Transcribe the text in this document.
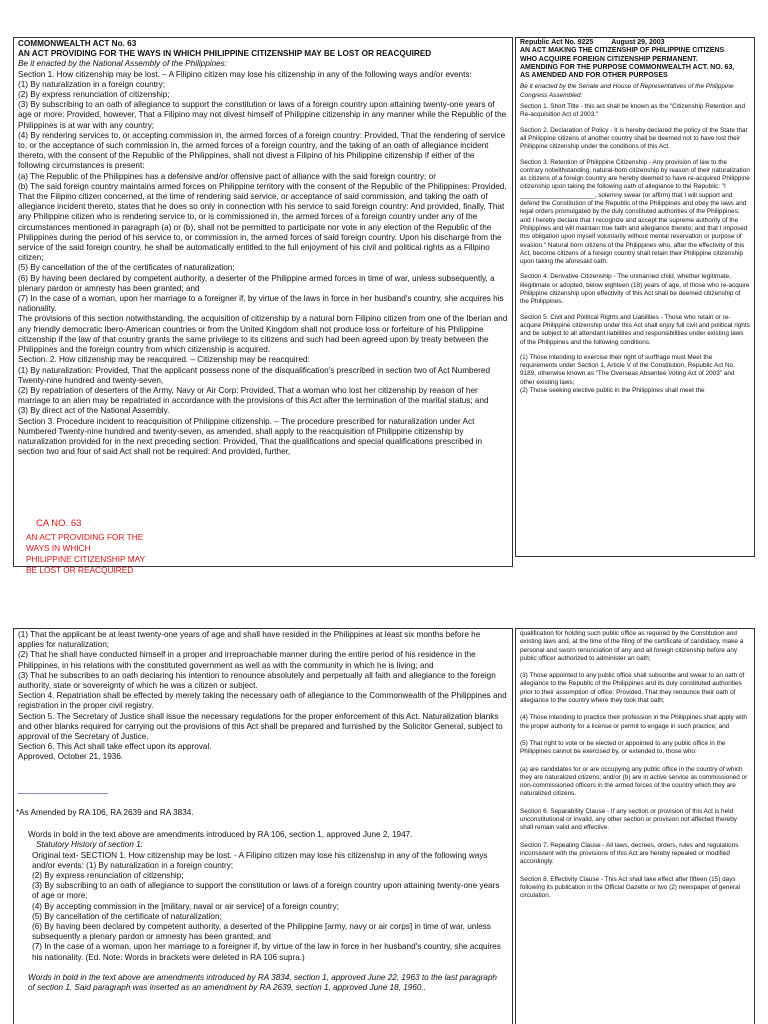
COMMONWEALTH ACT No. 63

AN ACT PROVIDING FOR THE WAYS IN WHICH PHILIPPINE CITIZENSHIP MAY BE LOST OR REACQUIRED

Be it enacted by the National Assembly of the Philippines:

Section 1. How citizenship may be lost. – A Filipino citizen may lose his citizenship in any of the following ways and/or events:

(1) By naturalization in a foreign country;

(2) By express renunciation of citizenship;

(3) By subscribing to an oath of allegiance to support the constitution or laws of a foreign country upon attaining twenty-one years of age or more: Provided, however, That a Filipino may not divest himself of Philippine citizenship in any manner while the Republic of the Philippines is at war with any country;

(4) By rendering services to, or accepting commission in, the armed forces of a foreign country: Provided, That the rendering of service to, or the acceptance of such commission in, the armed forces of a foreign country, and the taking of an oath of allegiance incident thereto, with the consent of the Republic of the Philippines, shall not divest a Filipino of his Philippine citizenship if either of the following circumstances is present:

(a) The Republic of the Philippines has a defensive and/or offensive pact of alliance with the said foreign country; or

(b) The said foreign country maintains armed forces on Philippine territory with the consent of the Republic of the Philippines: Provided, That the Filipino citizen concerned, at the time of rendering said service, or acceptance of said commission, and taking the oath of allegiance incident thereto, states that he does so only in connection with his service to said foreign country: And provided, finally, That any Philippine citizen who is rendering service to, or is commissioned in, the armed forces of a foreign country under any of the circumstances mentioned in paragraph (a) or (b), shall not be permitted to participate nor vote in any election of the Republic of the Philippines during the period of his service to, or commission in, the armed forces of said foreign country. Upon his discharge from the service of the said foreign country, he shall be automatically entitled to the full enjoyment of his civil and political rights as a Filipino citizen;

(5) By cancellation of the of the certificates of naturalization;

(6) By having been declared by competent authority, a deserter of the Philippine armed forces in time of war, unless subsequently, a plenary pardon or amnesty has been granted; and

(7) In the case of a woman, upon her marriage to a foreigner if, by virtue of the laws in force in her husband's country, she acquires his nationality.

The provisions of this section notwithstanding, the acquisition of citizenship by a natural born Filipino citizen from one of the Iberian and any friendly democratic Ibero-American countries or from the United Kingdom shall not produce loss or forfeiture of his Philippine citizenship if the law of that country grants the same privilege to its citizens and such had been agreed upon by treaty between the Philippines and the foreign country from which citizenship is acquired.

Section. 2. How citizenship may be reacquired. – Citizenship may be reacquired:

(1) By naturalization: Provided, That the applicant possess none of the disqualification's prescribed in section two of Act Numbered Twenty-nine hundred and twenty-seven,

(2) By repatriation of deserters of the Army, Navy or Air Corp: Provided, That a woman who lost her citizenship by reason of her marriage to an alien may be repatriated in accordance with the provisions of this Act after the termination of the marital status; and

(3) By direct act of the National Assembly.

Section 3. Procedure incident to reacquisition of Philippine citizenship. – The procedure prescribed for naturalization under Act Numbered Twenty-nine hundred and twenty-seven, as amended, shall apply to the reacquisition of Philippine citizenship by naturalization provided for in the next preceding section: Provided, That the qualifications and special qualifications prescribed in section two and four of said Act shall not be required: And provided, further,

CA NO. 63
AN ACT PROVIDING FOR THE
WAYS IN WHICH
PHILIPPINE CITIZENSHIP MAY
BE LOST OR REACQUIRED

Republic Act No. 9225	August 29, 2003

AN ACT MAKING THE CITIZENSHIP OF PHILIPPINE CITIZENS
WHO ACQUIRE FOREIGN CITIZENSHIP PERMANENT.
AMENDING FOR THE PURPOSE COMMONWEALTH ACT. NO. 63,
AS AMENDED AND FOR OTHER PURPOSES

Be it enacted by the Senate and House of Representatives of the Philippine Congress Assembled:

Section 1. Short Title - this act shall be known as the "Citizenship Retention and Re-acquisition Act of 2003."

Section 2. Declaration of Policy - It is hereby declared the policy of the State that all Philippine citizens of another country shall be deemed not to have lost their Philippine citizenship under the conditions of this Act.

Section 3. Retention of Philippine Citizenship - Any provision of law to the contrary notwithstanding, natural-born citizenship by reason of their naturalization as citizens of a foreign country are hereby deemed to have re-acquired Philippine citizenship upon taking the following oath of allegiance to the Republic: "I _____________________, solemny swear (or affirm) that I will support and defend the Constitution of the Republic of the Philippines and obey the laws and legal orders promulgated by the duly constituted authorities of the Philippines; and I hereby declare that I recognize and accept the supreme authority of the Philippines and will maintain true faith and allegiance thereto; and that I imposed this obligation upon myself voluntarily without mental reservation or purpose of evasion." Natural born citizens of the Philippines who, after the effectivity of this Act, become citizens of a foreign country shall retain their Philippine citizenship upon taking the aforesaid oath.

Section 4. Derivative Citizenship - The unmarried child, whether legitimate, illegitimate or adopted, below eighteen (18) years of age, of those who re-acquire Philippine citizenship upon effectivity of this Act shall be deemed citizenship of the Philippines.

Section 5. Civil and Political Rights and Liabilities - Those who retain or re-acquire Philippine citizenship under this Act shall enjoy full civil and political rights and be subject to all attendant liabilities and responsibilities under existing laws of the Philippines and the following conditions:

(1) Those intending to exercise their right of surffrage must Meet the requirements under Section 1, Article V of the Constitution, Republic Act No. 9189, otherwise known as "The Overseas Absentee Voting Act of 2003" and other existing laws;

(2) Those seeking elective public in the Philippines shall meet the

(1) That the applicant be at least twenty-one years of age and shall have resided in the Philippines at least six months before he applies for naturalization;

(2) That he shall have conducted himself in a proper and irreproachable manner during the entire period of his residence in the Philippines, in his relations with the constituted government as well as with the community in which he is living; and

(3) That he subscribes to an oath declaring his intention to renounce absolutely and perpetually all faith and allegiance to the foreign authority, state or sovereignty of which he was a citizen or subject.

Section 4. Repatriation shall be effected by merely taking the necessary oath of allegiance to the Commonwealth of the Philippines and registration in the proper civil registry.

Section 5. The Secretary of Justice shall issue the necessary regulations for the proper enforcement of this Act. Naturalization blanks and other blanks required for carrying out the provisions of this Act shall be prepared and furnished by the Solicitor General, subject to approval of the Secretary of Justice.

Section 6. This Act shall take effect upon its approval.

Approved, October 21, 1936.

*As Amended by RA 106, RA 2639 and RA 3834.

Words in bold in the text above are amendments introduced by RA 106, section 1, approved June 2, 1947.

Statutory History of section 1:

Original text- SECTION 1. How citizenship may be lost. - A Filipino citizen may lose his citizenship in any of the following ways and/or events: (1) By naturalization in a foreign country;

(2) By express renunciation of citizenship;

(3) By subscribing to an oath of allegiance to support the constitution or laws of a foreign country upon attaining twenty-one years of age or more;

(4) By accepting commission in the [military, naval or air service] of a foreign country;

(5) By cancellation of the certificate of naturalization;

(6) By having been declared by competent authority, a deserted of the Philippine [army, navy or air corps] in time of war, unless subsequently a plenary pardon or amnesty has been granted; and

(7) In the case of a woman, upon her marriage to a foreigner if, by virtue of the law in force in her husband's country, she acquires his nationality. (Ed. Note: Words in brackets were deleted in RA 106 supra.)

Words in bold in the text above are amendments introduced by RA 3834, section 1, approved June 22, 1963 to the last paragraph of section 1. Said paragraph was inserted as an amendment by RA 2639, section 1, approved June 18, 1960..

qualification for holding such public office as required by the Constitution and existing laws and, at the time of the filing of the certificate of candidacy, make a personal and sworn renunciation of any and all foreign citizenship before any public officer authorized to administer an oath;

(3) Those appointed to any public office shall subscribe and swear to an oath of allegiance to the Republic of the Philippines and its duly constituted authorities prior to their assumption of office: Provided, That they renounce their oath of allegiance to the country where they took that oath;

(4) Those intending to practice their profession in the Philippines shall apply with the proper authority for a license or permit to engage in such practice; and

(5) That right to vote or be elected or appointed to any public office in the Philippines cannot be exercised by, or extended to, those who:

(a) are candidates for or are occupying any public office in the country of which they are naturalized citizens; and/or (b) are in active service as commissioned or non-commissioned officers in the armed forces of the country which they are naturalized citizens.

Section 6. Separability Clause - If any section or provision of this Act is held unconstitutional or invalid, any other section or provision not affected thereby shall remain valid and effective.

Section 7. Repealing Clause - All laws, decrees, orders, rules and regulations inconsistent with the provisions of this Act are hereby repealed or modified accordingly.

Section 8. Effectivity Clause - This Act shall take effect after fifteen (15) days following its publication in the Official Gazette or two (2) newspaper of general circulation.
